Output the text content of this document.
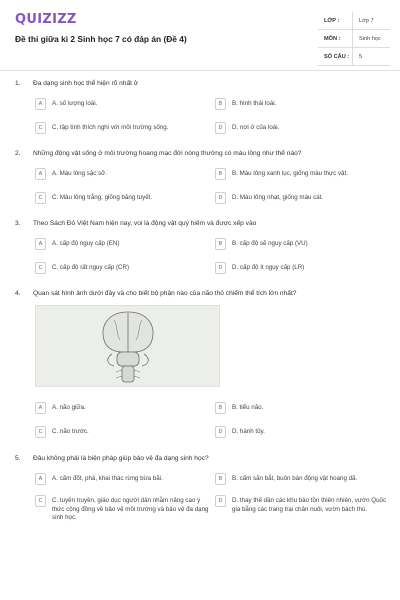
QUIZIZZ
Đề thi giữa kì 2 Sinh học 7 có đáp án (Đề 4)
LỚP :	Lớp 7
MÔN :	Sinh học
SỐ CÂU :	5
1. Đa dạng sinh học thể hiện rõ nhất ở
A	A. số lượng loài.	B	B. hình thái loài.
C	C. tập tính thích nghi với môi trường sống.	D	D. nơi ở của loài.
2. Những động vật sống ở môi trường hoang mạc đới nóng thường có màu lông như thế nào?
A	A. Màu lông sặc sỡ.	B	B. Màu lông xanh lục, giống màu thực vật.
C	C. Màu lông trắng, giống băng tuyết.	D	D. Màu lông nhạt, giống màu cát.
3. Theo Sách Đỏ Việt Nam hiện nay, voi là động vật quý hiếm và được xếp vào
A	A. cấp độ nguy cấp (EN)	B	B. cấp độ sẽ nguy cấp (VU)
C	C. cấp độ rất nguy cấp (CR)	D	D. cấp độ ít nguy cấp (LR)
4. Quan sát hình ảnh dưới đây và cho biết bộ phận nào của não thỏ chiếm thể tích lớn nhất?
A	A. não giữa.	B	B. tiểu não.
C	C. não trước.	D	D. hành tủy.
5. Đâu không phải là biện pháp giúp bảo vệ đa dạng sinh học?
A	A. cấm đốt, phá, khai thác rừng bừa bãi.	B	B. cấm săn bắt, buôn bán động vật hoang dã.
C	C. tuyên truyền, giáo dục người dân nhằm nâng cao ý thức cộng đồng về bảo vệ môi trường và bảo vệ đa dạng sinh học.
D	D. thay thế dần các khu bảo tồn thiên nhiên, vườn Quốc gia bằng các trang trại chăn nuôi, vườn bách thú.
